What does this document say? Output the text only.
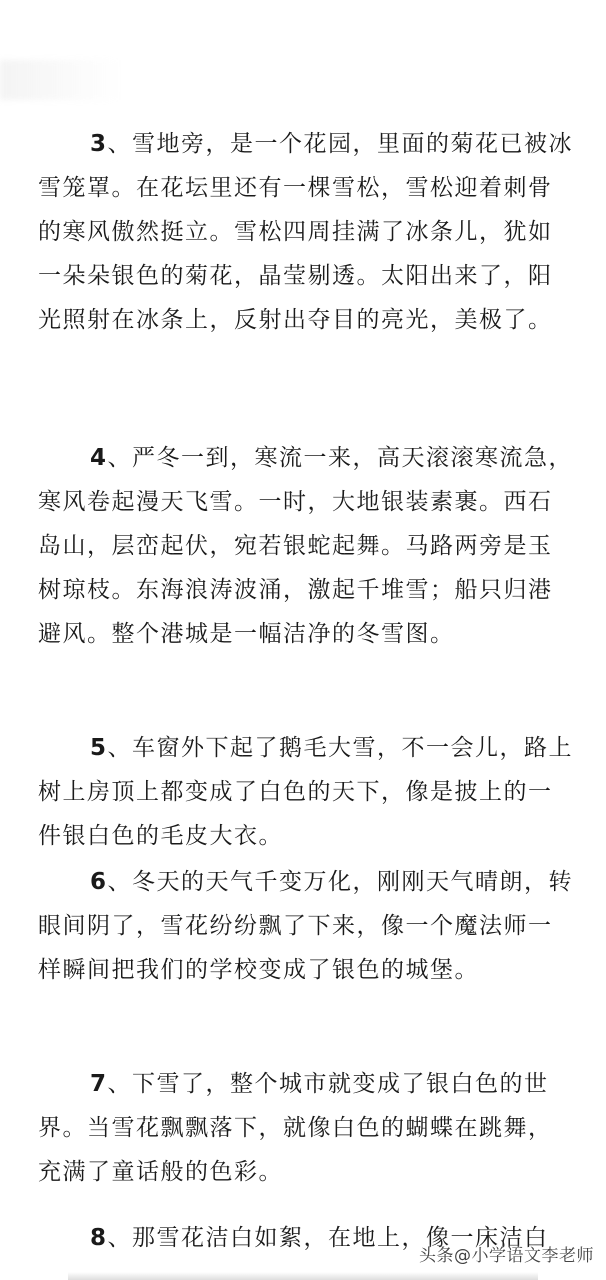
3、雪地旁，是一个花园，里面的菊花已被冰雪笼罩。在花坛里还有一棵雪松，雪松迎着刺骨的寒风傲然挺立。雪松四周挂满了冰条儿，犹如一朵朵银色的菊花，晶莹剔透。太阳出来了，阳光照射在冰条上，反射出夺目的亮光，美极了。

4、严冬一到，寒流一来，高天滚滚寒流急，寒风卷起漫天飞雪。一时，大地银装素裹。西石岛山，层峦起伏，宛若银蛇起舞。马路两旁是玉树琼枝。东海浪涛波涌，激起千堆雪；船只归港避风。整个港城是一幅洁净的冬雪图。

5、车窗外下起了鹅毛大雪，不一会儿，路上树上房顶上都变成了白色的天下，像是披上的一件银白色的毛皮大衣。

6、冬天的天气千变万化，刚刚天气晴朗，转眼间阴了，雪花纷纷飘了下来，像一个魔法师一样瞬间把我们的学校变成了银色的城堡。

7、下雪了，整个城市就变成了银白色的世界。当雪花飘飘落下，就像白色的蝴蝶在跳舞，充满了童话般的色彩。

8、那雪花洁白如絮，在地上，像一床洁白

头条@小学语文李老师
